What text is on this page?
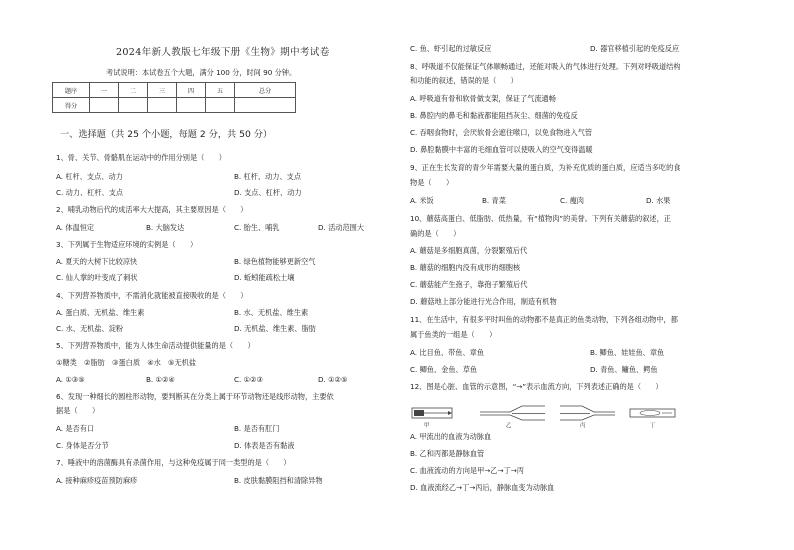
2024年新人教版七年级下册《生物》期中考试卷
考试说明：本试卷五个大题，满分 100 分，时间 90 分钟。
题序	一	二	三	四	五	总分
得分						
一、选择题（共 25 个小题，每题 2 分，共 50 分）
1、骨、关节、骨骼肌在运动中的作用分别是（　　）
A. 杠杆、支点、动力	B. 杠杆、动力、支点
C. 动力、杠杆、支点	D. 支点、杠杆、动力
2、哺乳动物后代的成活率大大提高，其主要原因是（　　）
A. 体温恒定	B. 大脑发达	C. 胎生、哺乳	D. 活动范围大
3、下列属于生物适应环境的实例是（　　）
A. 夏天的大树下比较凉快	B. 绿色植物能够更新空气
C. 仙人掌的叶变成了刺状	D. 蚯蚓能疏松土壤
4、下列营养物质中，不需消化就能被直接吸收的是（　　）
A. 蛋白质、无机盐、维生素	B. 水、无机盐、维生素
C. 水、无机盐、淀粉	D. 无机盐、维生素、脂肪
5、下列营养物质中，能为人体生命活动提供能量的是（　　）
①糖类　②脂肪　③蛋白质　④水　⑤无机盐
A. ①③⑤	B. ①②④	C. ①②③	D. ①②⑤
6、发现一种细长的圆柱形动物，要判断其在分类上属于环节动物还是线形动物，主要依
据是（　　）
A. 是否有口	B. 是否有肛门
C. 身体是否分节	D. 体表是否有黏液
7、唾液中的溶菌酶具有杀菌作用，与这种免疫属于同一类型的是（　　）
A. 接种麻疹疫苗预防麻疹	B. 皮肤黏膜阻挡和清除异物
C. 鱼、虾引起的过敏反应	D. 器官移植引起的免疫反应
8、呼吸道不仅能保证气体顺畅通过，还能对吸入的气体进行处理。下列对呼吸道结构
和功能的叙述，错误的是（　　）
A. 呼吸道有骨和软骨做支架，保证了气流通畅
B. 鼻腔内的鼻毛和黏液都能阻挡灰尘、细菌的免疫反
C. 吞咽食物时，会厌软骨会遮住喉口，以免食物进入气管
D. 鼻腔黏膜中丰富的毛细血管可以使吸入的空气变得温暖
9、正在生长发育的青少年需要大量的蛋白质，为补充优质的蛋白质，应适当多吃的食
物是（　　）
A. 米饭	B. 青菜	C. 瘦肉	D. 水果
10、蘑菇高蛋白、低脂肪、低热量，有“植物肉”的美誉。下列有关蘑菇的叙述，正
确的是（　　）
A. 蘑菇是多细胞真菌，分裂繁殖后代
B. 蘑菇的细胞内没有成形的细胞核
C. 蘑菇能产生孢子，靠孢子繁殖后代
D. 蘑菇地上部分能进行光合作用，制造有机物
11、在生活中，有很多平时叫鱼的动物都不是真正的鱼类动物，下列各组动物中，都
属于鱼类的一组是（　　）
A. 比目鱼、带鱼、章鱼	B. 鲫鱼、娃娃鱼、章鱼
C. 鲫鱼、金鱼、草鱼	D. 青鱼、鳙鱼、鳄鱼
12、图是心脏、血管的示意图，“→”表示血流方向，下列表述正确的是（　　）
甲	乙	丙	丁
A. 甲流出的血液为动脉血
B. 乙和丙都是静脉血管
C. 血液流动的方向是甲→乙→丁→丙
D. 血液流经乙→丁→丙后，静脉血变为动脉血
